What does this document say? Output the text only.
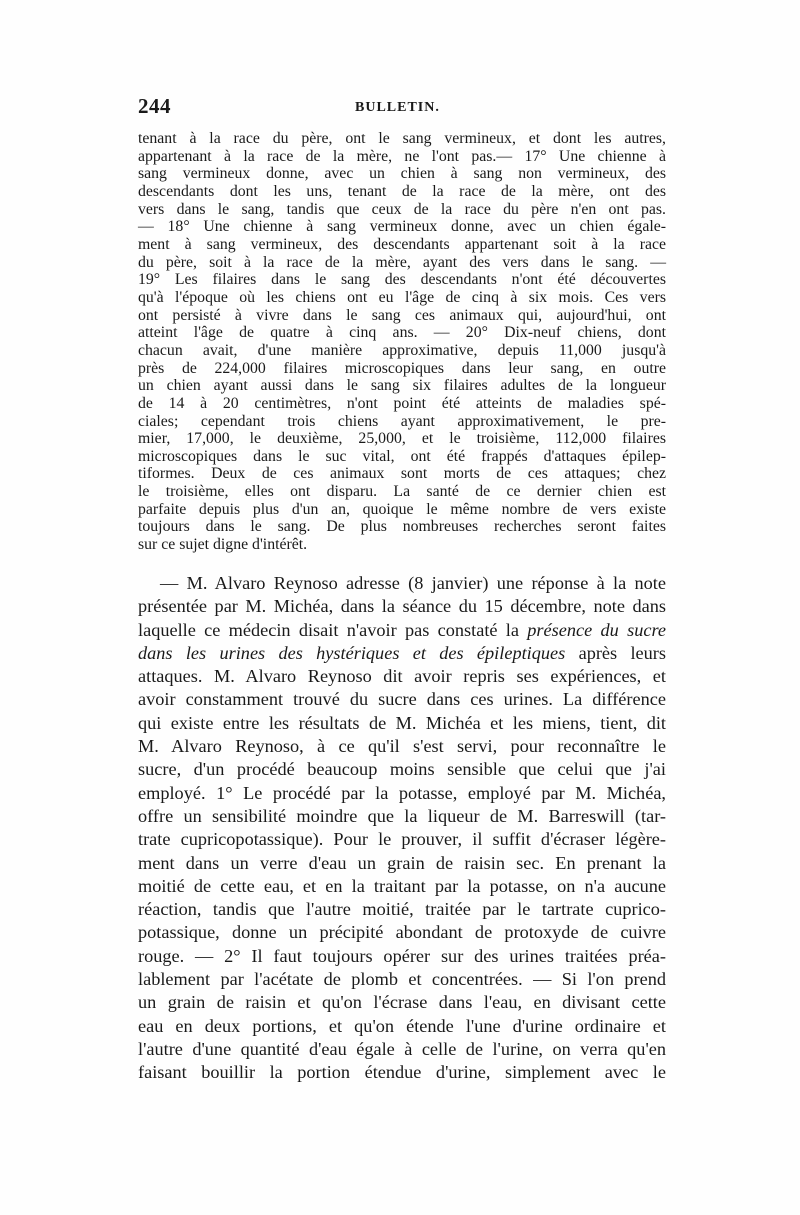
244	BULLETIN.
tenant à la race du père, ont le sang vermineux, et dont les autres,
appartenant à la race de la mère, ne l'ont pas.— 17° Une chienne à
sang vermineux donne, avec un chien à sang non vermineux, des
descendants dont les uns, tenant de la race de la mère, ont des
vers dans le sang, tandis que ceux de la race du père n'en ont pas.
— 18° Une chienne à sang vermineux donne, avec un chien égale-
ment à sang vermineux, des descendants appartenant soit à la race
du père, soit à la race de la mère, ayant des vers dans le sang. —
19° Les filaires dans le sang des descendants n'ont été découvertes
qu'à l'époque où les chiens ont eu l'âge de cinq à six mois. Ces vers
ont persisté à vivre dans le sang ces animaux qui, aujourd'hui, ont
atteint l'âge de quatre à cinq ans. — 20° Dix-neuf chiens, dont
chacun avait, d'une manière approximative, depuis 11,000 jusqu'à
près de 224,000 filaires microscopiques dans leur sang, en outre
un chien ayant aussi dans le sang six filaires adultes de la longueur
de 14 à 20 centimètres, n'ont point été atteints de maladies spé-
ciales; cependant trois chiens ayant approximativement, le pre-
mier, 17,000, le deuxième, 25,000, et le troisième, 112,000 filaires
microscopiques dans le suc vital, ont été frappés d'attaques épilep-
tiformes. Deux de ces animaux sont morts de ces attaques; chez
le troisième, elles ont disparu. La santé de ce dernier chien est
parfaite depuis plus d'un an, quoique le même nombre de vers existe
toujours dans le sang. De plus nombreuses recherches seront faites
sur ce sujet digne d'intérêt.
— M. Alvaro Reynoso adresse (8 janvier) une réponse à la note
présentée par M. Michéa, dans la séance du 15 décembre, note dans
laquelle ce médecin disait n'avoir pas constaté la présence du sucre
dans les urines des hystériques et des épileptiques après leurs
attaques. M. Alvaro Reynoso dit avoir repris ses expériences, et
avoir constamment trouvé du sucre dans ces urines. La différence
qui existe entre les résultats de M. Michéa et les miens, tient, dit
M. Alvaro Reynoso, à ce qu'il s'est servi, pour reconnaître le
sucre, d'un procédé beaucoup moins sensible que celui que j'ai
employé. 1° Le procédé par la potasse, employé par M. Michéa,
offre un sensibilité moindre que la liqueur de M. Barreswill (tar-
trate cupricopotassique). Pour le prouver, il suffit d'écraser légère-
ment dans un verre d'eau un grain de raisin sec. En prenant la
moitié de cette eau, et en la traitant par la potasse, on n'a aucune
réaction, tandis que l'autre moitié, traitée par le tartrate cuprico-
potassique, donne un précipité abondant de protoxyde de cuivre
rouge. — 2° Il faut toujours opérer sur des urines traitées préa-
lablement par l'acétate de plomb et concentrées. — Si l'on prend
un grain de raisin et qu'on l'écrase dans l'eau, en divisant cette
eau en deux portions, et qu'on étende l'une d'urine ordinaire et
l'autre d'une quantité d'eau égale à celle de l'urine, on verra qu'en
faisant bouillir la portion étendue d'urine, simplement avec le
